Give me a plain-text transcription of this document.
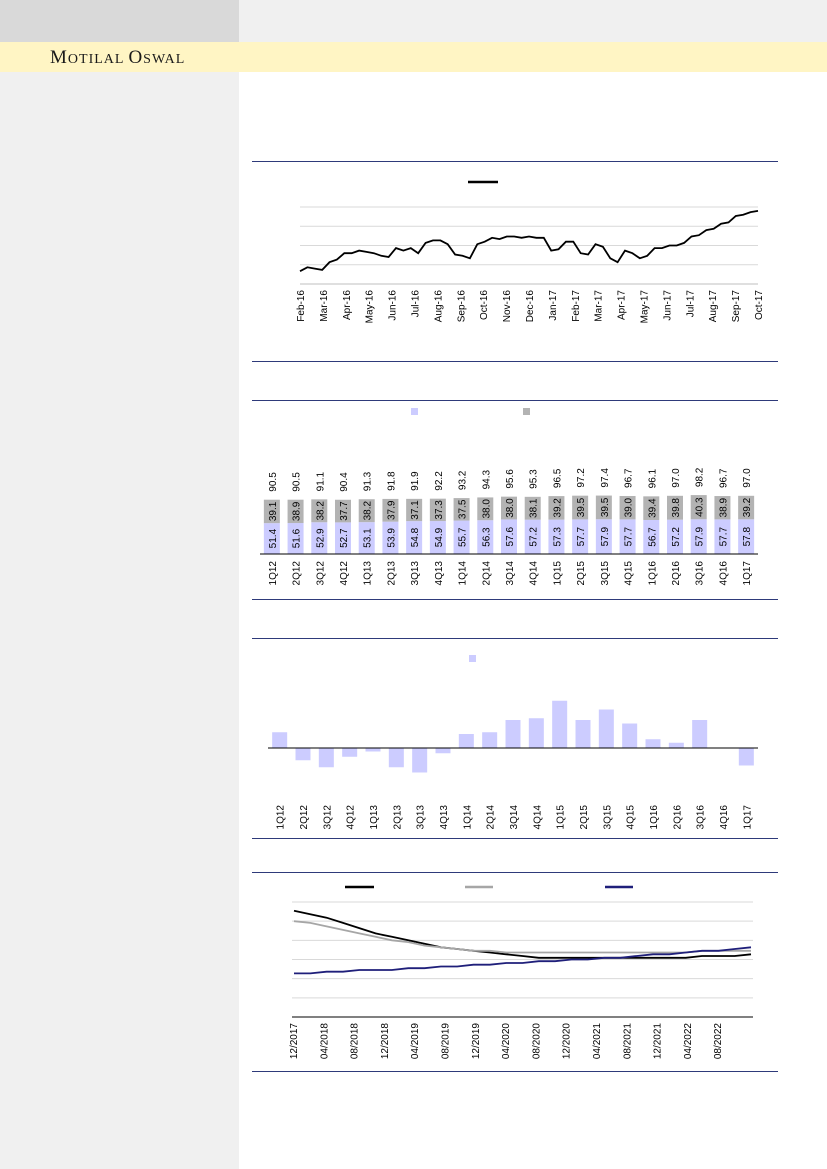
MOTILAL OSWAL
Feb-16 Mar-16 Apr-16 May-16 Jun-16 Jul-16 Aug-16 Sep-16 Oct-16 Nov-16 Dec-16 Jan-17 Feb-17 Mar-17 Apr-17 May-17 Jun-17 Jul-17 Aug-17 Sep-17 Oct-17
51.4
39.1
90.5
1Q12
51.6
38.9
90.5
2Q12
52.9
38.2
91.1
3Q12
52.7
37.7
90.4
4Q12
53.1
38.2
91.3
1Q13
53.9
37.9
91.8
2Q13
54.8
37.1
91.9
3Q13
54.9
37.3
92.2
4Q13
55.7
37.5
93.2
1Q14
56.3
38.0
94.3
2Q14
57.6
38.0
95.6
3Q14
57.2
38.1
95.3
4Q14
57.3
39.2
96.5
1Q15
57.7
39.5
97.2
2Q15
57.9
39.5
97.4
3Q15
57.7
39.0
96.7
4Q15
56.7
39.4
96.1
1Q16
57.2
39.8
97.0
2Q16
57.9
40.3
98.2
3Q16
57.7
38.9
96.7
4Q16
57.8
39.2
97.0
1Q17
1Q12 2Q12 3Q12 4Q12 1Q13 2Q13 3Q13 4Q13 1Q14 2Q14 3Q14 4Q14 1Q15 2Q15 3Q15 4Q15 1Q16 2Q16 3Q16 4Q16 1Q17
12/2017 04/2018 08/2018 12/2018 04/2019 08/2019 12/2019 04/2020 08/2020 12/2020 04/2021 08/2021 12/2021 04/2022 08/2022
